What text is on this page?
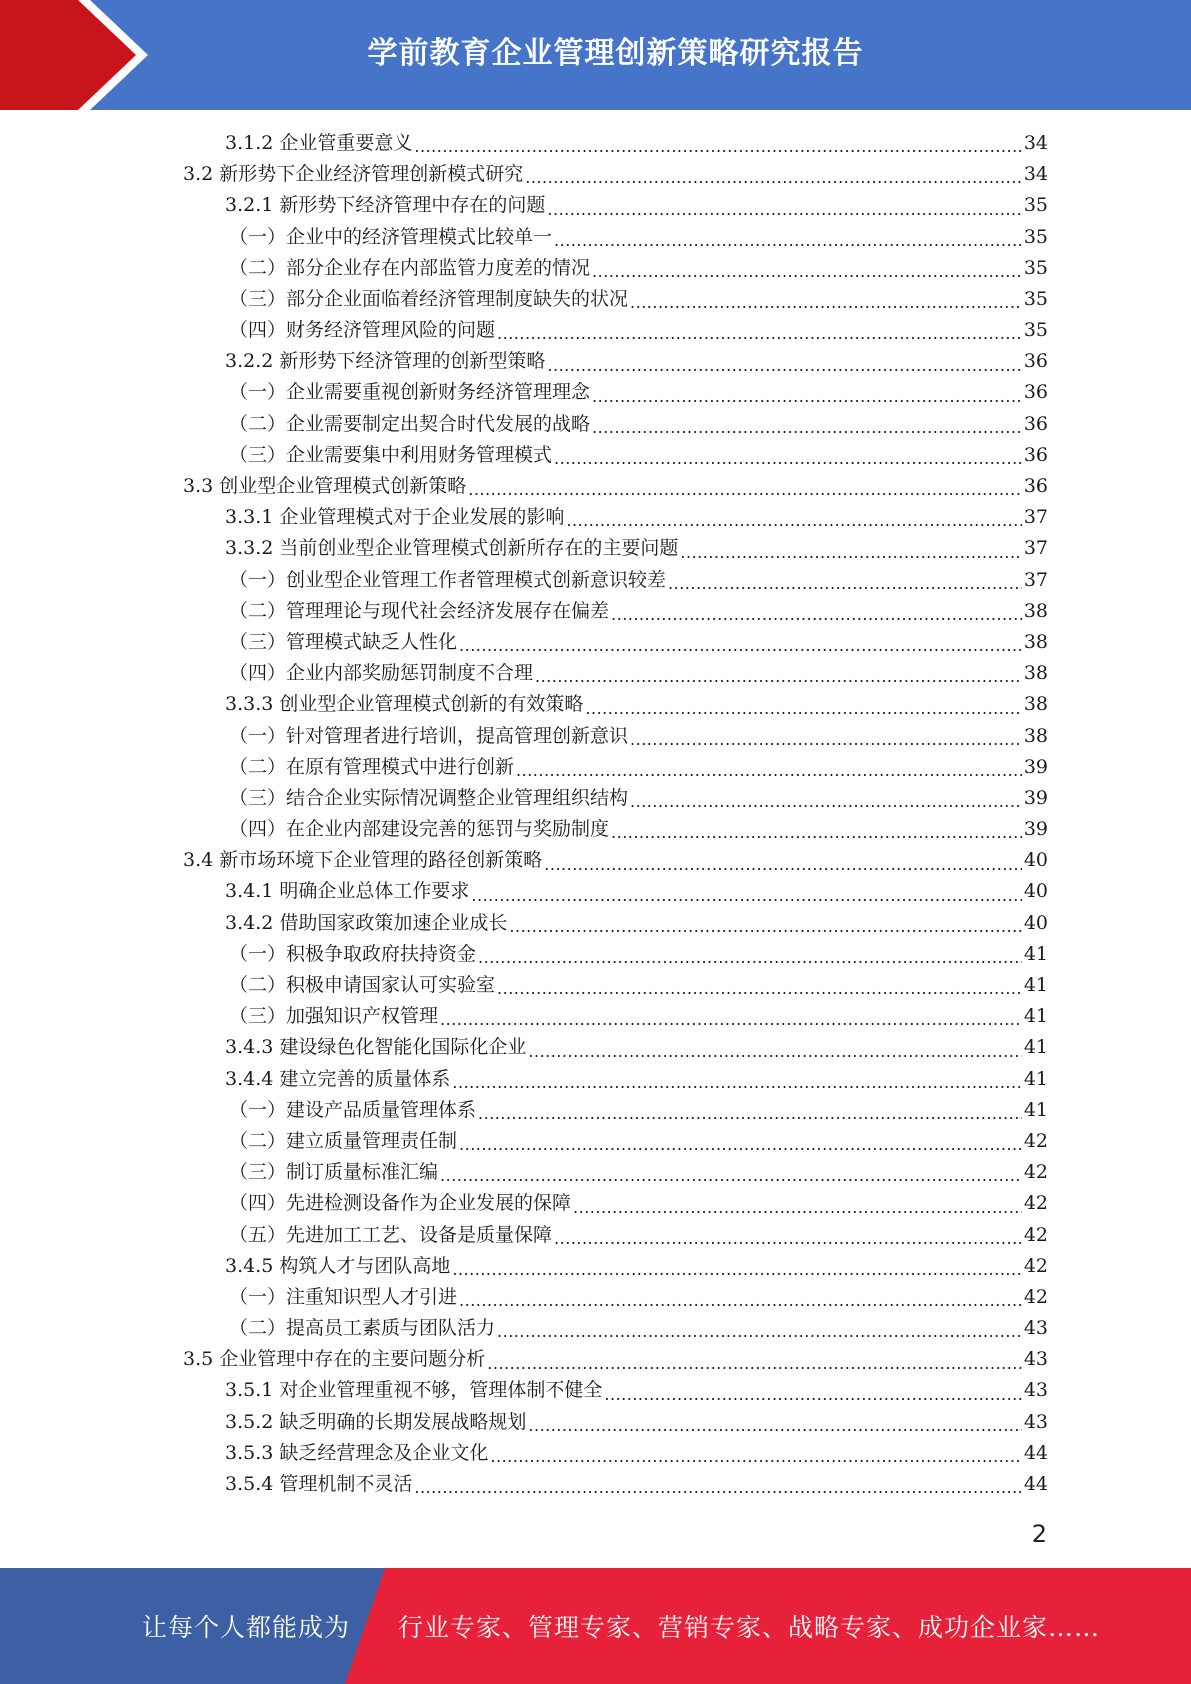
学前教育企业管理创新策略研究报告
3.1.2 企业管重要意义 .....	34
3.2 新形势下企业经济管理创新模式研究 .....	34
3.2.1 新形势下经济管理中存在的问题 .....	35
（一）企业中的经济管理模式比较单一 .....	35
（二）部分企业存在内部监管力度差的情况 .....	35
（三）部分企业面临着经济管理制度缺失的状况 .....	35
（四）财务经济管理风险的问题 .....	35
3.2.2 新形势下经济管理的创新型策略 .....	36
（一）企业需要重视创新财务经济管理理念 .....	36
（二）企业需要制定出契合时代发展的战略 .....	36
（三）企业需要集中利用财务管理模式 .....	36
3.3 创业型企业管理模式创新策略 .....	36
3.3.1 企业管理模式对于企业发展的影响 .....	37
3.3.2 当前创业型企业管理模式创新所存在的主要问题 .....	37
（一）创业型企业管理工作者管理模式创新意识较差 .....	37
（二）管理理论与现代社会经济发展存在偏差 .....	38
（三）管理模式缺乏人性化 .....	38
（四）企业内部奖励惩罚制度不合理 .....	38
3.3.3 创业型企业管理模式创新的有效策略 .....	38
（一）针对管理者进行培训，提高管理创新意识 .....	38
（二）在原有管理模式中进行创新 .....	39
（三）结合企业实际情况调整企业管理组织结构 .....	39
（四）在企业内部建设完善的惩罚与奖励制度 .....	39
3.4 新市场环境下企业管理的路径创新策略 .....	40
3.4.1 明确企业总体工作要求 .....	40
3.4.2 借助国家政策加速企业成长 .....	40
（一）积极争取政府扶持资金 .....	41
（二）积极申请国家认可实验室 .....	41
（三）加强知识产权管理 .....	41
3.4.3 建设绿色化智能化国际化企业 .....	41
3.4.4 建立完善的质量体系 .....	41
（一）建设产品质量管理体系 .....	41
（二）建立质量管理责任制 .....	42
（三）制订质量标准汇编 .....	42
（四）先进检测设备作为企业发展的保障 .....	42
（五）先进加工工艺、设备是质量保障 .....	42
3.4.5 构筑人才与团队高地 .....	42
（一）注重知识型人才引进 .....	42
（二）提高员工素质与团队活力 .....	43
3.5 企业管理中存在的主要问题分析 .....	43
3.5.1 对企业管理重视不够，管理体制不健全 .....	43
3.5.2 缺乏明确的长期发展战略规划 .....	43
3.5.3 缺乏经营理念及企业文化 .....	44
3.5.4 管理机制不灵活 .....	44
2
让每个人都能成为 行业专家、管理专家、营销专家、战略专家、成功企业家……
